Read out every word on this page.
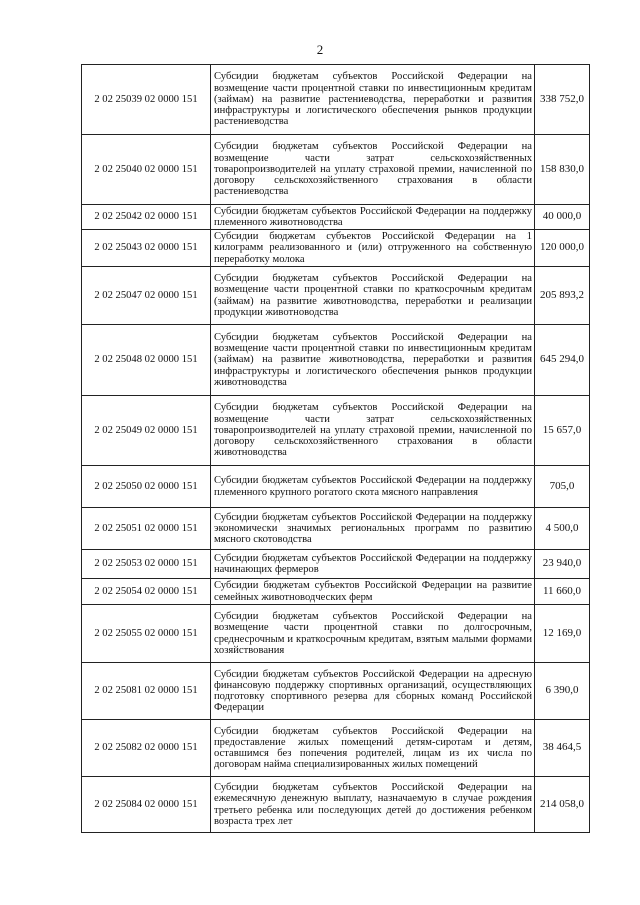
2
2 02 25039 02 0000 151	Субсидии бюджетам субъектов Российской Федерации на возмещение части процентной ставки по инвестиционным кредитам (займам) на развитие растениеводства, переработки и развития инфраструктуры и логистического обеспечения рынков продукции растениеводства	338 752,0
2 02 25040 02 0000 151	Субсидии бюджетам субъектов Российской Федерации на возмещение части затрат сельскохозяйственных товаропроизводителей на уплату страховой премии, начисленной по договору сельскохозяйственного страхования в области растениеводства	158 830,0
2 02 25042 02 0000 151	Субсидии бюджетам субъектов Российской Федерации на поддержку племенного животноводства	40 000,0
2 02 25043 02 0000 151	Субсидии бюджетам субъектов Российской Федерации на 1 килограмм реализованного и (или) отгруженного на собственную переработку молока	120 000,0
2 02 25047 02 0000 151	Субсидии бюджетам субъектов Российской Федерации на возмещение части процентной ставки по краткосрочным кредитам (займам) на развитие животноводства, переработки и реализации продукции животноводства	205 893,2
2 02 25048 02 0000 151	Субсидии бюджетам субъектов Российской Федерации на возмещение части процентной ставки по инвестиционным кредитам (займам) на развитие животноводства, переработки и развития инфраструктуры и логистического обеспечения рынков продукции животноводства	645 294,0
2 02 25049 02 0000 151	Субсидии бюджетам субъектов Российской Федерации на возмещение части затрат сельскохозяйственных товаропроизводителей на уплату страховой премии, начисленной по договору сельскохозяйственного страхования в области животноводства	15 657,0
2 02 25050 02 0000 151	Субсидии бюджетам субъектов Российской Федерации на поддержку племенного крупного рогатого скота мясного направления	705,0
2 02 25051 02 0000 151	Субсидии бюджетам субъектов Российской Федерации на поддержку экономически значимых региональных программ по развитию мясного скотоводства	4 500,0
2 02 25053 02 0000 151	Субсидии бюджетам субъектов Российской Федерации на поддержку начинающих фермеров	23 940,0
2 02 25054 02 0000 151	Субсидии бюджетам субъектов Российской Федерации на развитие семейных животноводческих ферм	11 660,0
2 02 25055 02 0000 151	Субсидии бюджетам субъектов Российской Федерации на возмещение части процентной ставки по долгосрочным, среднесрочным и краткосрочным кредитам, взятым малыми формами хозяйствования	12 169,0
2 02 25081 02 0000 151	Субсидии бюджетам субъектов Российской Федерации на адресную финансовую поддержку спортивных организаций, осуществляющих подготовку спортивного резерва для сборных команд Российской Федерации	6 390,0
2 02 25082 02 0000 151	Субсидии бюджетам субъектов Российской Федерации на предоставление жилых помещений детям-сиротам и детям, оставшимся без попечения родителей, лицам из их числа по договорам найма специализированных жилых помещений	38 464,5
2 02 25084 02 0000 151	Субсидии бюджетам субъектов Российской Федерации на ежемесячную денежную выплату, назначаемую в случае рождения третьего ребенка или последующих детей до достижения ребенком возраста трех лет	214 058,0
